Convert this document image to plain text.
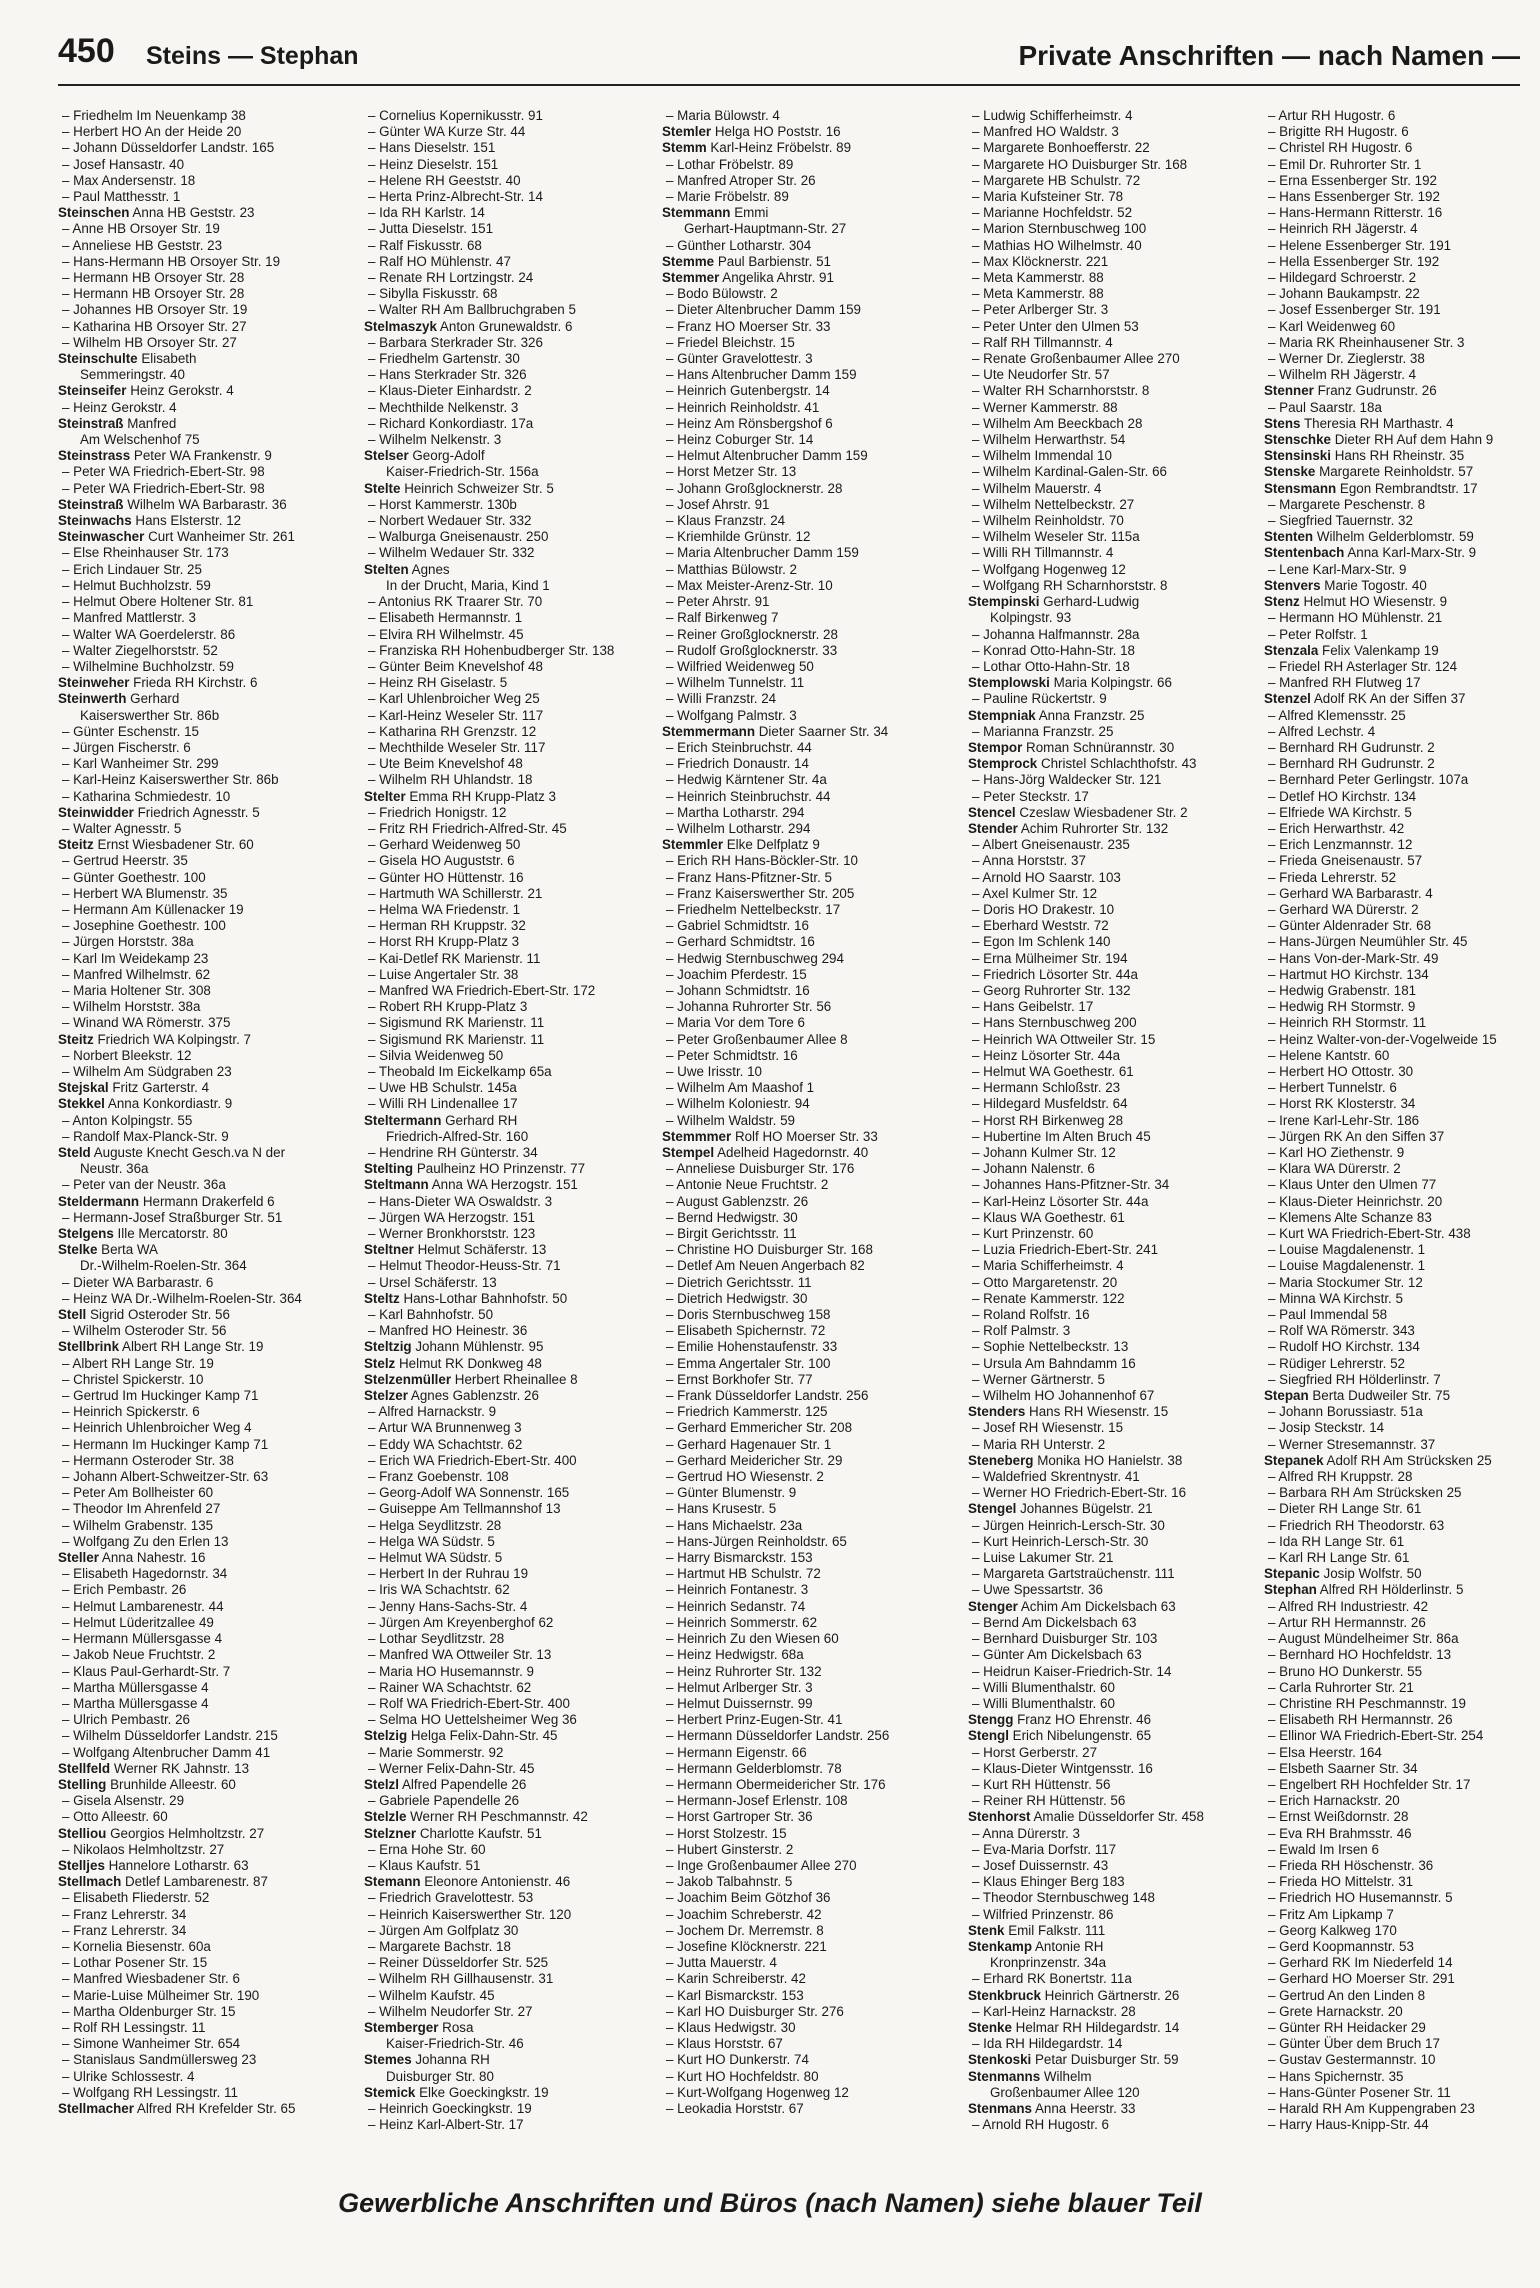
450 Steins — Stephan	Private Anschriften — nach Namen —
– Friedhelm Im Neuenkamp 38
– Herbert HO An der Heide 20
– Johann Düsseldorfer Landstr. 165
– Josef Hansastr. 40
– Max Andersenstr. 18
– Paul Matthesstr. 1
Steinschen Anna HB Geststr. 23
– Anne HB Orsoyer Str. 19
– Anneliese HB Geststr. 23
– Hans-Hermann HB Orsoyer Str. 19
– Hermann HB Orsoyer Str. 28
– Hermann HB Orsoyer Str. 28
– Johannes HB Orsoyer Str. 19
– Katharina HB Orsoyer Str. 27
– Wilhelm HB Orsoyer Str. 27
Steinschulte Elisabeth
Semmeringstr. 40
Steinseifer Heinz Gerokstr. 4
– Heinz Gerokstr. 4
Steinstraß Manfred
Am Welschenhof 75
Steinstrass Peter WA Frankenstr. 9
– Peter WA Friedrich-Ebert-Str. 98
– Peter WA Friedrich-Ebert-Str. 98
Steinstraß Wilhelm WA Barbarastr. 36
Steinwachs Hans Elsterstr. 12
Steinwascher Curt Wanheimer Str. 261
– Else Rheinhauser Str. 173
– Erich Lindauer Str. 25
– Helmut Buchholzstr. 59
– Helmut Obere Holtener Str. 81
– Manfred Mattlerstr. 3
– Walter WA Goerdelerstr. 86
– Walter Ziegelhorststr. 52
– Wilhelmine Buchholzstr. 59
Steinweher Frieda RH Kirchstr. 6
Steinwerth Gerhard
Kaiserswerther Str. 86b
– Günter Eschenstr. 15
– Jürgen Fischerstr. 6
– Karl Wanheimer Str. 299
– Karl-Heinz Kaiserswerther Str. 86b
– Katharina Schmiedestr. 10
Steinwidder Friedrich Agnesstr. 5
– Walter Agnesstr. 5
Steitz Ernst Wiesbadener Str. 60
– Gertrud Heerstr. 35
– Günter Goethestr. 100
– Herbert WA Blumenstr. 35
– Hermann Am Küllenacker 19
– Josephine Goethestr. 100
– Jürgen Horststr. 38a
– Karl Im Weidekamp 23
– Manfred Wilhelmstr. 62
– Maria Holtener Str. 308
– Wilhelm Horststr. 38a
– Winand WA Römerstr. 375
Steitz Friedrich WA Kolpingstr. 7
– Norbert Bleekstr. 12
– Wilhelm Am Südgraben 23
Stejskal Fritz Garterstr. 4
Stekkel Anna Konkordiastr. 9
– Anton Kolpingstr. 55
– Randolf Max-Planck-Str. 9
Steld Auguste Knecht Gesch.va N der
Neustr. 36a
– Peter van der Neustr. 36a
Steldermann Hermann Drakerfeld 6
– Hermann-Josef Straßburger Str. 51
Stelgens Ille Mercatorstr. 80
Stelke Berta WA
Dr.-Wilhelm-Roelen-Str. 364
– Dieter WA Barbarastr. 6
– Heinz WA Dr.-Wilhelm-Roelen-Str. 364
Stell Sigrid Osteroder Str. 56
– Wilhelm Osteroder Str. 56
Stellbrink Albert RH Lange Str. 19
– Albert RH Lange Str. 19
– Christel Spickerstr. 10
– Gertrud Im Huckinger Kamp 71
– Heinrich Spickerstr. 6
– Heinrich Uhlenbroicher Weg 4
– Hermann Im Huckinger Kamp 71
– Hermann Osteroder Str. 38
– Johann Albert-Schweitzer-Str. 63
– Peter Am Bollheister 60
– Theodor Im Ahrenfeld 27
– Wilhelm Grabenstr. 135
– Wolfgang Zu den Erlen 13
Steller Anna Nahestr. 16
– Elisabeth Hagedornstr. 34
– Erich Pembastr. 26
– Helmut Lambarenestr. 44
– Helmut Lüderitzallee 49
– Hermann Müllersgasse 4
– Jakob Neue Fruchtstr. 2
– Klaus Paul-Gerhardt-Str. 7
– Martha Müllersgasse 4
– Martha Müllersgasse 4
– Ulrich Pembastr. 26
– Wilhelm Düsseldorfer Landstr. 215
– Wolfgang Altenbrucher Damm 41
Stellfeld Werner RK Jahnstr. 13
Stelling Brunhilde Alleestr. 60
– Gisela Alsenstr. 29
– Otto Alleestr. 60
Stelliou Georgios Helmholtzstr. 27
– Nikolaos Helmholtzstr. 27
Stelljes Hannelore Lotharstr. 63
Stellmach Detlef Lambarenestr. 87
– Elisabeth Fliederstr. 52
– Franz Lehrerstr. 34
– Franz Lehrerstr. 34
– Kornelia Biesenstr. 60a
– Lothar Posener Str. 15
– Manfred Wiesbadener Str. 6
– Marie-Luise Mülheimer Str. 190
– Martha Oldenburger Str. 15
– Rolf RH Lessingstr. 11
– Simone Wanheimer Str. 654
– Stanislaus Sandmüllersweg 23
– Ulrike Schlossestr. 4
– Wolfgang RH Lessingstr. 11
Stellmacher Alfred RH Krefelder Str. 65
– Cornelius Kopernikusstr. 91
– Günter WA Kurze Str. 44
– Hans Dieselstr. 151
– Heinz Dieselstr. 151
– Helene RH Geeststr. 40
– Herta Prinz-Albrecht-Str. 14
– Ida RH Karlstr. 14
– Jutta Dieselstr. 151
– Ralf Fiskusstr. 68
– Ralf HO Mühlenstr. 47
– Renate RH Lortzingstr. 24
– Sibylla Fiskusstr. 68
– Walter RH Am Ballbruchgraben 5
Stelmaszyk Anton Grunewaldstr. 6
– Barbara Sterkrader Str. 326
– Friedhelm Gartenstr. 30
– Hans Sterkrader Str. 326
– Klaus-Dieter Einhardstr. 2
– Mechthilde Nelkenstr. 3
– Richard Konkordiastr. 17a
– Wilhelm Nelkenstr. 3
Stelser Georg-Adolf
Kaiser-Friedrich-Str. 156a
Stelte Heinrich Schweizer Str. 5
– Horst Kammerstr. 130b
– Norbert Wedauer Str. 332
– Walburga Gneisenaustr. 250
– Wilhelm Wedauer Str. 332
Stelten Agnes
In der Drucht, Maria, Kind 1
– Antonius RK Traarer Str. 70
– Elisabeth Hermannstr. 1
– Elvira RH Wilhelmstr. 45
– Franziska RH Hohenbudberger Str. 138
– Günter Beim Knevelshof 48
– Heinz RH Giselastr. 5
– Karl Uhlenbroicher Weg 25
– Karl-Heinz Weseler Str. 117
– Katharina RH Grenzstr. 12
– Mechthilde Weseler Str. 117
– Ute Beim Knevelshof 48
– Wilhelm RH Uhlandstr. 18
Stelter Emma RH Krupp-Platz 3
– Friedrich Honigstr. 12
– Fritz RH Friedrich-Alfred-Str. 45
– Gerhard Weidenweg 50
– Gisela HO Auguststr. 6
– Günter HO Hüttenstr. 16
– Hartmuth WA Schillerstr. 21
– Helma WA Friedenstr. 1
– Herman RH Kruppstr. 32
– Horst RH Krupp-Platz 3
– Kai-Detlef RK Marienstr. 11
– Luise Angertaler Str. 38
– Manfred WA Friedrich-Ebert-Str. 172
– Robert RH Krupp-Platz 3
– Sigismund RK Marienstr. 11
– Sigismund RK Marienstr. 11
– Silvia Weidenweg 50
– Theobald Im Eickelkamp 65a
– Uwe HB Schulstr. 145a
– Willi RH Lindenallee 17
Steltermann Gerhard RH
Friedrich-Alfred-Str. 160
– Hendrine RH Günterstr. 34
Stelting Paulheinz HO Prinzenstr. 77
Steltmann Anna WA Herzogstr. 151
– Hans-Dieter WA Oswaldstr. 3
– Jürgen WA Herzogstr. 151
– Werner Bronkhorststr. 123
Steltner Helmut Schäferstr. 13
– Helmut Theodor-Heuss-Str. 71
– Ursel Schäferstr. 13
Steltz Hans-Lothar Bahnhofstr. 50
– Karl Bahnhofstr. 50
– Manfred HO Heinestr. 36
Steltzig Johann Mühlenstr. 95
Stelz Helmut RK Donkweg 48
Stelzenmüller Herbert Rheinallee 8
Stelzer Agnes Gablenzstr. 26
– Alfred Harnackstr. 9
– Artur WA Brunnenweg 3
– Eddy WA Schachtstr. 62
– Erich WA Friedrich-Ebert-Str. 400
– Franz Goebenstr. 108
– Georg-Adolf WA Sonnenstr. 165
– Guiseppe Am Tellmannshof 13
– Helga Seydlitzstr. 28
– Helga WA Südstr. 5
– Helmut WA Südstr. 5
– Herbert In der Ruhrau 19
– Iris WA Schachtstr. 62
– Jenny Hans-Sachs-Str. 4
– Jürgen Am Kreyenberghof 62
– Lothar Seydlitzstr. 28
– Manfred WA Ottweiler Str. 13
– Maria HO Husemannstr. 9
– Rainer WA Schachtstr. 62
– Rolf WA Friedrich-Ebert-Str. 400
– Selma HO Uettelsheimer Weg 36
Stelzig Helga Felix-Dahn-Str. 45
– Marie Sommerstr. 92
– Werner Felix-Dahn-Str. 45
Stelzl Alfred Papendelle 26
– Gabriele Papendelle 26
Stelzle Werner RH Peschmannstr. 42
Stelzner Charlotte Kaufstr. 51
– Erna Hohe Str. 60
– Klaus Kaufstr. 51
Stemann Eleonore Antonienstr. 46
– Friedrich Gravelottestr. 53
– Heinrich Kaiserswerther Str. 120
– Jürgen Am Golfplatz 30
– Margarete Bachstr. 18
– Reiner Düsseldorfer Str. 525
– Wilhelm RH Gillhausenstr. 31
– Wilhelm Kaufstr. 45
– Wilhelm Neudorfer Str. 27
Stemberger Rosa
Kaiser-Friedrich-Str. 46
Stemes Johanna RH
Duisburger Str. 80
Stemick Elke Goeckingkstr. 19
– Heinrich Goeckingkstr. 19
– Heinz Karl-Albert-Str. 17
– Maria Bülowstr. 4
Stemler Helga HO Poststr. 16
Stemm Karl-Heinz Fröbelstr. 89
– Lothar Fröbelstr. 89
– Manfred Atroper Str. 26
– Marie Fröbelstr. 89
Stemmann Emmi
Gerhart-Hauptmann-Str. 27
– Günther Lotharstr. 304
Stemme Paul Barbienstr. 51
Stemmer Angelika Ahrstr. 91
– Bodo Bülowstr. 2
– Dieter Altenbrucher Damm 159
– Franz HO Moerser Str. 33
– Friedel Bleichstr. 15
– Günter Gravelottestr. 3
– Hans Altenbrucher Damm 159
– Heinrich Gutenbergstr. 14
– Heinrich Reinholdstr. 41
– Heinz Am Rönsbergshof 6
– Heinz Coburger Str. 14
– Helmut Altenbrucher Damm 159
– Horst Metzer Str. 13
– Johann Großglocknerstr. 28
– Josef Ahrstr. 91
– Klaus Franzstr. 24
– Kriemhilde Grünstr. 12
– Maria Altenbrucher Damm 159
– Matthias Bülowstr. 2
– Max Meister-Arenz-Str. 10
– Peter Ahrstr. 91
– Ralf Birkenweg 7
– Reiner Großglocknerstr. 28
– Rudolf Großglocknerstr. 33
– Wilfried Weidenweg 50
– Wilhelm Tunnelstr. 11
– Willi Franzstr. 24
– Wolfgang Palmstr. 3
Stemmermann Dieter Saarner Str. 34
– Erich Steinbruchstr. 44
– Friedrich Donaustr. 14
– Hedwig Kärntener Str. 4a
– Heinrich Steinbruchstr. 44
– Martha Lotharstr. 294
– Wilhelm Lotharstr. 294
Stemmler Elke Delfplatz 9
– Erich RH Hans-Böckler-Str. 10
– Franz Hans-Pfitzner-Str. 5
– Franz Kaiserswerther Str. 205
– Friedhelm Nettelbeckstr. 17
– Gabriel Schmidtstr. 16
– Gerhard Schmidtstr. 16
– Hedwig Sternbuschweg 294
– Joachim Pferdestr. 15
– Johann Schmidtstr. 16
– Johanna Ruhrorter Str. 56
– Maria Vor dem Tore 6
– Peter Großenbaumer Allee 8
– Peter Schmidtstr. 16
– Uwe Irisstr. 10
– Wilhelm Am Maashof 1
– Wilhelm Koloniestr. 94
– Wilhelm Waldstr. 59
Stemmmer Rolf HO Moerser Str. 33
Stempel Adelheid Hagedornstr. 40
– Anneliese Duisburger Str. 176
– Antonie Neue Fruchtstr. 2
– August Gablenzstr. 26
– Bernd Hedwigstr. 30
– Birgit Gerichtsstr. 11
– Christine HO Duisburger Str. 168
– Detlef Am Neuen Angerbach 82
– Dietrich Gerichtsstr. 11
– Dietrich Hedwigstr. 30
– Doris Sternbuschweg 158
– Elisabeth Spichernstr. 72
– Emilie Hohenstaufenstr. 33
– Emma Angertaler Str. 100
– Ernst Borkhofer Str. 77
– Frank Düsseldorfer Landstr. 256
– Friedrich Kammerstr. 125
– Gerhard Emmericher Str. 208
– Gerhard Hagenauer Str. 1
– Gerhard Meidericher Str. 29
– Gertrud HO Wiesenstr. 2
– Günter Blumenstr. 9
– Hans Krusestr. 5
– Hans Michaelstr. 23a
– Hans-Jürgen Reinholdstr. 65
– Harry Bismarckstr. 153
– Hartmut HB Schulstr. 72
– Heinrich Fontanestr. 3
– Heinrich Sedanstr. 74
– Heinrich Sommerstr. 62
– Heinrich Zu den Wiesen 60
– Heinz Hedwigstr. 68a
– Heinz Ruhrorter Str. 132
– Helmut Arlberger Str. 3
– Helmut Duissernstr. 99
– Herbert Prinz-Eugen-Str. 41
– Hermann Düsseldorfer Landstr. 256
– Hermann Eigenstr. 66
– Hermann Gelderblomstr. 78
– Hermann Obermeidericher Str. 176
– Hermann-Josef Erlenstr. 108
– Horst Gartroper Str. 36
– Horst Stolzestr. 15
– Hubert Ginsterstr. 2
– Inge Großenbaumer Allee 270
– Jakob Talbahnstr. 5
– Joachim Beim Götzhof 36
– Joachim Schreberstr. 42
– Jochem Dr. Merremstr. 8
– Josefine Klöcknerstr. 221
– Jutta Mauerstr. 4
– Karin Schreiberstr. 42
– Karl Bismarckstr. 153
– Karl HO Duisburger Str. 276
– Klaus Hedwigstr. 30
– Klaus Horststr. 67
– Kurt HO Dunkerstr. 74
– Kurt HO Hochfeldstr. 80
– Kurt-Wolfgang Hogenweg 12
– Leokadia Horststr. 67
– Ludwig Schifferheimstr. 4
– Manfred HO Waldstr. 3
– Margarete Bonhoefferstr. 22
– Margarete HO Duisburger Str. 168
– Margarete HB Schulstr. 72
– Maria Kufsteiner Str. 78
– Marianne Hochfeldstr. 52
– Marion Sternbuschweg 100
– Mathias HO Wilhelmstr. 40
– Max Klöcknerstr. 221
– Meta Kammerstr. 88
– Meta Kammerstr. 88
– Peter Arlberger Str. 3
– Peter Unter den Ulmen 53
– Ralf RH Tillmannstr. 4
– Renate Großenbaumer Allee 270
– Ute Neudorfer Str. 57
– Walter RH Scharnhorststr. 8
– Werner Kammerstr. 88
– Wilhelm Am Beeckbach 28
– Wilhelm Herwarthstr. 54
– Wilhelm Immendal 10
– Wilhelm Kardinal-Galen-Str. 66
– Wilhelm Mauerstr. 4
– Wilhelm Nettelbeckstr. 27
– Wilhelm Reinholdstr. 70
– Wilhelm Weseler Str. 115a
– Willi RH Tillmannstr. 4
– Wolfgang Hogenweg 12
– Wolfgang RH Scharnhorststr. 8
Stempinski Gerhard-Ludwig
Kolpingstr. 93
– Johanna Halfmannstr. 28a
– Konrad Otto-Hahn-Str. 18
– Lothar Otto-Hahn-Str. 18
Stemplowski Maria Kolpingstr. 66
– Pauline Rückertstr. 9
Stempniak Anna Franzstr. 25
– Marianna Franzstr. 25
Stempor Roman Schnürannstr. 30
Stemprock Christel Schlachthofstr. 43
– Hans-Jörg Waldecker Str. 121
– Peter Steckstr. 17
Stencel Czeslaw Wiesbadener Str. 2
Stender Achim Ruhrorter Str. 132
– Albert Gneisenaustr. 235
– Anna Horststr. 37
– Arnold HO Saarstr. 103
– Axel Kulmer Str. 12
– Doris HO Drakestr. 10
– Eberhard Weststr. 72
– Egon Im Schlenk 140
– Erna Mülheimer Str. 194
– Friedrich Lösorter Str. 44a
– Georg Ruhrorter Str. 132
– Hans Geibelstr. 17
– Hans Sternbuschweg 200
– Heinrich WA Ottweiler Str. 15
– Heinz Lösorter Str. 44a
– Helmut WA Goethestr. 61
– Hermann Schloßstr. 23
– Hildegard Musfeldstr. 64
– Horst RH Birkenweg 28
– Hubertine Im Alten Bruch 45
– Johann Kulmer Str. 12
– Johann Nalenstr. 6
– Johannes Hans-Pfitzner-Str. 34
– Karl-Heinz Lösorter Str. 44a
– Klaus WA Goethestr. 61
– Kurt Prinzenstr. 60
– Luzia Friedrich-Ebert-Str. 241
– Maria Schifferheimstr. 4
– Otto Margaretenstr. 20
– Renate Kammerstr. 122
– Roland Rolfstr. 16
– Rolf Palmstr. 3
– Sophie Nettelbeckstr. 13
– Ursula Am Bahndamm 16
– Werner Gärtnerstr. 5
– Wilhelm HO Johannenhof 67
Stenders Hans RH Wiesenstr. 15
– Josef RH Wiesenstr. 15
– Maria RH Unterstr. 2
Steneberg Monika HO Hanielstr. 38
– Waldefried Skrentnystr. 41
– Werner HO Friedrich-Ebert-Str. 16
Stengel Johannes Bügelstr. 21
– Jürgen Heinrich-Lersch-Str. 30
– Kurt Heinrich-Lersch-Str. 30
– Luise Lakumer Str. 21
– Margareta Gartstraüchenstr. 111
– Uwe Spessartstr. 36
Stenger Achim Am Dickelsbach 63
– Bernd Am Dickelsbach 63
– Bernhard Duisburger Str. 103
– Günter Am Dickelsbach 63
– Heidrun Kaiser-Friedrich-Str. 14
– Willi Blumenthalstr. 60
– Willi Blumenthalstr. 60
Stengg Franz HO Ehrenstr. 46
Stengl Erich Nibelungenstr. 65
– Horst Gerberstr. 27
– Klaus-Dieter Wintgensstr. 16
– Kurt RH Hüttenstr. 56
– Reiner RH Hüttenstr. 56
Stenhorst Amalie Düsseldorfer Str. 458
– Anna Dürerstr. 3
– Eva-Maria Dorfstr. 117
– Josef Duissernstr. 43
– Klaus Ehinger Berg 183
– Theodor Sternbuschweg 148
– Wilfried Prinzenstr. 86
Stenk Emil Falkstr. 111
Stenkamp Antonie RH
Kronprinzenstr. 34a
– Erhard RK Bonertstr. 11a
Stenkbruck Heinrich Gärtnerstr. 26
– Karl-Heinz Harnackstr. 28
Stenke Helmar RH Hildegardstr. 14
– Ida RH Hildegardstr. 14
Stenkoski Petar Duisburger Str. 59
Stenmanns Wilhelm
Großenbaumer Allee 120
Stenmans Anna Heerstr. 33
– Arnold RH Hugostr. 6
– Artur RH Hugostr. 6
– Brigitte RH Hugostr. 6
– Christel RH Hugostr. 6
– Emil Dr. Ruhrorter Str. 1
– Erna Essenberger Str. 192
– Hans Essenberger Str. 192
– Hans-Hermann Ritterstr. 16
– Heinrich RH Jägerstr. 4
– Helene Essenberger Str. 191
– Hella Essenberger Str. 192
– Hildegard Schroerstr. 2
– Johann Baukampstr. 22
– Josef Essenberger Str. 191
– Karl Weidenweg 60
– Maria RK Rheinhausener Str. 3
– Werner Dr. Zieglerstr. 38
– Wilhelm RH Jägerstr. 4
Stenner Franz Gudrunstr. 26
– Paul Saarstr. 18a
Stens Theresia RH Marthastr. 4
Stenschke Dieter RH Auf dem Hahn 9
Stensinski Hans RH Rheinstr. 35
Stenske Margarete Reinholdstr. 57
Stensmann Egon Rembrandtstr. 17
– Margarete Peschenstr. 8
– Siegfried Tauernstr. 32
Stenten Wilhelm Gelderblomstr. 59
Stentenbach Anna Karl-Marx-Str. 9
– Lene Karl-Marx-Str. 9
Stenvers Marie Togostr. 40
Stenz Helmut HO Wiesenstr. 9
– Hermann HO Mühlenstr. 21
– Peter Rolfstr. 1
Stenzala Felix Valenkamp 19
– Friedel RH Asterlager Str. 124
– Manfred RH Flutweg 17
Stenzel Adolf RK An der Siffen 37
– Alfred Klemensstr. 25
– Alfred Lechstr. 4
– Bernhard RH Gudrunstr. 2
– Bernhard RH Gudrunstr. 2
– Bernhard Peter Gerlingstr. 107a
– Detlef HO Kirchstr. 134
– Elfriede WA Kirchstr. 5
– Erich Herwarthstr. 42
– Erich Lenzmannstr. 12
– Frieda Gneisenaustr. 57
– Frieda Lehrerstr. 52
– Gerhard WA Barbarastr. 4
– Gerhard WA Dürerstr. 2
– Günter Aldenrader Str. 68
– Hans-Jürgen Neumühler Str. 45
– Hans Von-der-Mark-Str. 49
– Hartmut HO Kirchstr. 134
– Hedwig Grabenstr. 181
– Hedwig RH Stormstr. 9
– Heinrich RH Stormstr. 11
– Heinz Walter-von-der-Vogelweide 15
– Helene Kantstr. 60
– Herbert HO Ottostr. 30
– Herbert Tunnelstr. 6
– Horst RK Klosterstr. 34
– Irene Karl-Lehr-Str. 186
– Jürgen RK An den Siffen 37
– Karl HO Ziethenstr. 9
– Klara WA Dürerstr. 2
– Klaus Unter den Ulmen 77
– Klaus-Dieter Heinrichstr. 20
– Klemens Alte Schanze 83
– Kurt WA Friedrich-Ebert-Str. 438
– Louise Magdalenenstr. 1
– Louise Magdalenenstr. 1
– Maria Stockumer Str. 12
– Minna WA Kirchstr. 5
– Paul Immendal 58
– Rolf WA Römerstr. 343
– Rudolf HO Kirchstr. 134
– Rüdiger Lehrerstr. 52
– Siegfried RH Hölderlinstr. 7
Stepan Berta Dudweiler Str. 75
– Johann Borussiastr. 51a
– Josip Steckstr. 14
– Werner Stresemannstr. 37
Stepanek Adolf RH Am Strücksken 25
– Alfred RH Kruppstr. 28
– Barbara RH Am Strücksken 25
– Dieter RH Lange Str. 61
– Friedrich RH Theodorstr. 63
– Ida RH Lange Str. 61
– Karl RH Lange Str. 61
Stepanic Josip Wolfstr. 50
Stephan Alfred RH Hölderlinstr. 5
– Alfred RH Industriestr. 42
– Artur RH Hermannstr. 26
– August Mündelheimer Str. 86a
– Bernhard HO Hochfeldstr. 13
– Bruno HO Dunkerstr. 55
– Carla Ruhrorter Str. 21
– Christine RH Peschmannstr. 19
– Elisabeth RH Hermannstr. 26
– Ellinor WA Friedrich-Ebert-Str. 254
– Elsa Heerstr. 164
– Elsbeth Saarner Str. 34
– Engelbert RH Hochfelder Str. 17
– Erich Harnackstr. 20
– Ernst Weißdornstr. 28
– Eva RH Brahmsstr. 46
– Ewald Im Irsen 6
– Frieda RH Höschenstr. 36
– Frieda HO Mittelstr. 31
– Friedrich HO Husemannstr. 5
– Fritz Am Lipkamp 7
– Georg Kalkweg 170
– Gerd Koopmannstr. 53
– Gerhard RK Im Niederfeld 14
– Gerhard HO Moerser Str. 291
– Gertrud An den Linden 8
– Grete Harnackstr. 20
– Günter RH Heidacker 29
– Günter Über dem Bruch 17
– Gustav Gestermannstr. 10
– Hans Spichernstr. 35
– Hans-Günter Posener Str. 11
– Harald RH Am Kuppengraben 23
– Harry Haus-Knipp-Str. 44
Gewerbliche Anschriften und Büros (nach Namen) siehe blauer Teil
